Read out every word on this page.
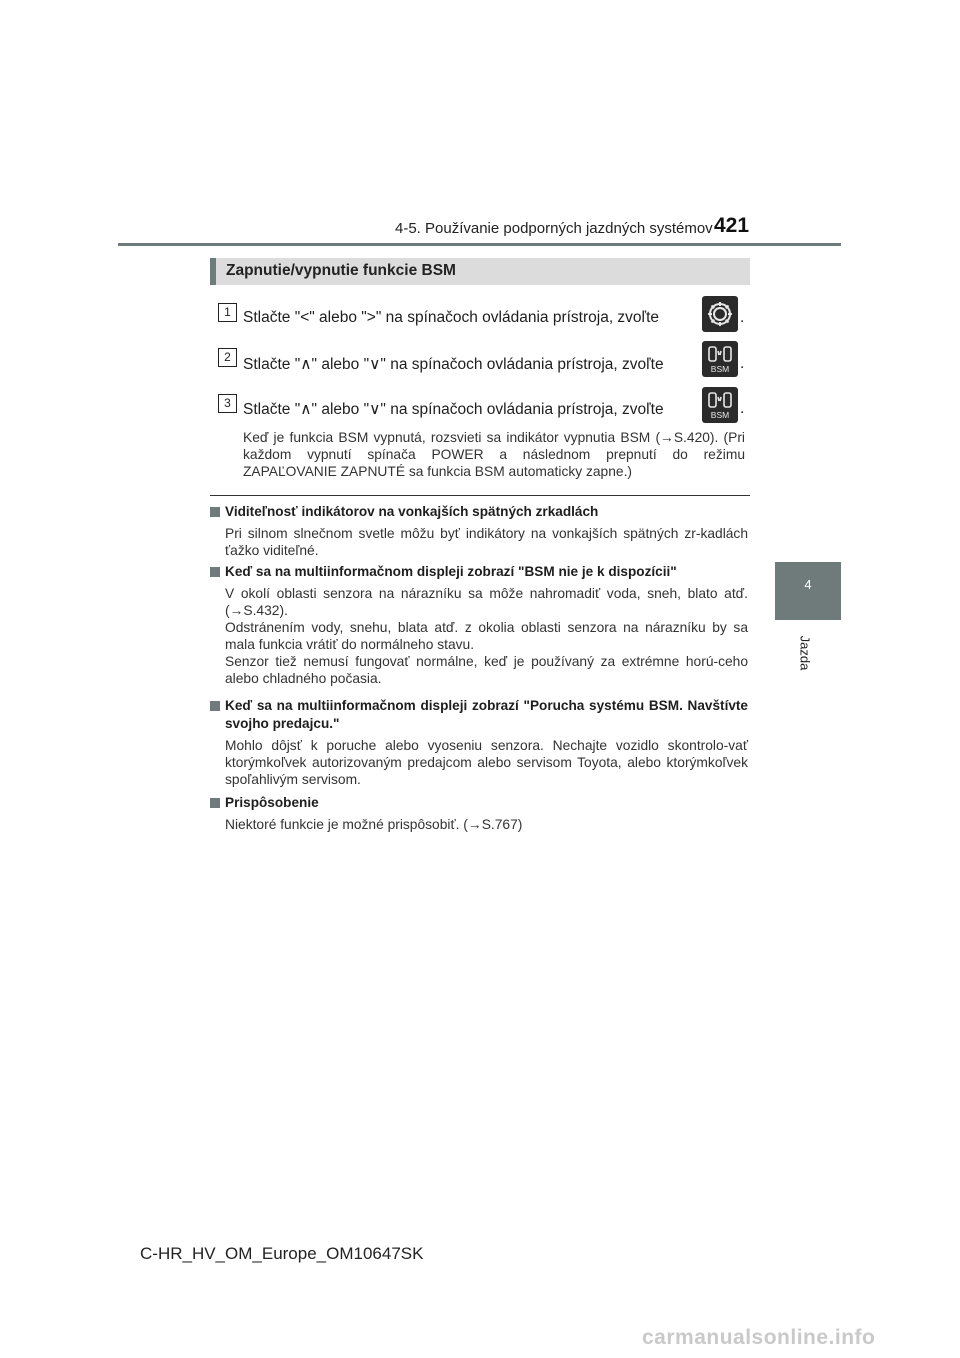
4-5. Používanie podporných jazdných systémov 421
4
Jazda
Zapnutie/vypnutie funkcie BSM
1 Stlačte "<" alebo ">" na spínačoch ovládania prístroja, zvoľte	.
2 Stlačte "∧" alebo "∨" na spínačoch ovládania prístroja, zvoľte	BSM .
3 Stlačte "∧" alebo "∨" na spínačoch ovládania prístroja, zvoľte	BSM .
Keď je funkcia BSM vypnutá, rozsvieti sa indikátor vypnutia BSM (→S.420). (Pri každom vypnutí spínača POWER a následnom prepnutí do režimu ZAPAĽOVANIE ZAPNUTÉ sa funkcia BSM automaticky zapne.)
Viditeľnosť indikátorov na vonkajších spätných zrkadlách
Pri silnom slnečnom svetle môžu byť indikátory na vonkajších spätných zr-kadlách ťažko viditeľné.
Keď sa na multiinformačnom displeji zobrazí "BSM nie je k dispozícii"
V okolí oblasti senzora na nárazníku sa môže nahromadiť voda, sneh, blato atď. (→S.432).
Odstránením vody, snehu, blata atď. z okolia oblasti senzora na nárazníku by sa mala funkcia vrátiť do normálneho stavu.
Senzor tiež nemusí fungovať normálne, keď je používaný za extrémne horú-ceho alebo chladného počasia.
Keď sa na multiinformačnom displeji zobrazí "Porucha systému BSM. Navštívte svojho predajcu."
Mohlo dôjsť k poruche alebo vyoseniu senzora. Nechajte vozidlo skontrolo-vať ktorýmkoľvek autorizovaným predajcom alebo servisom Toyota, alebo ktorýmkoľvek spoľahlivým servisom.
Prispôsobenie
Niektoré funkcie je možné prispôsobiť. (→S.767)
C-HR_HV_OM_Europe_OM10647SK
carmanualsonline.info
